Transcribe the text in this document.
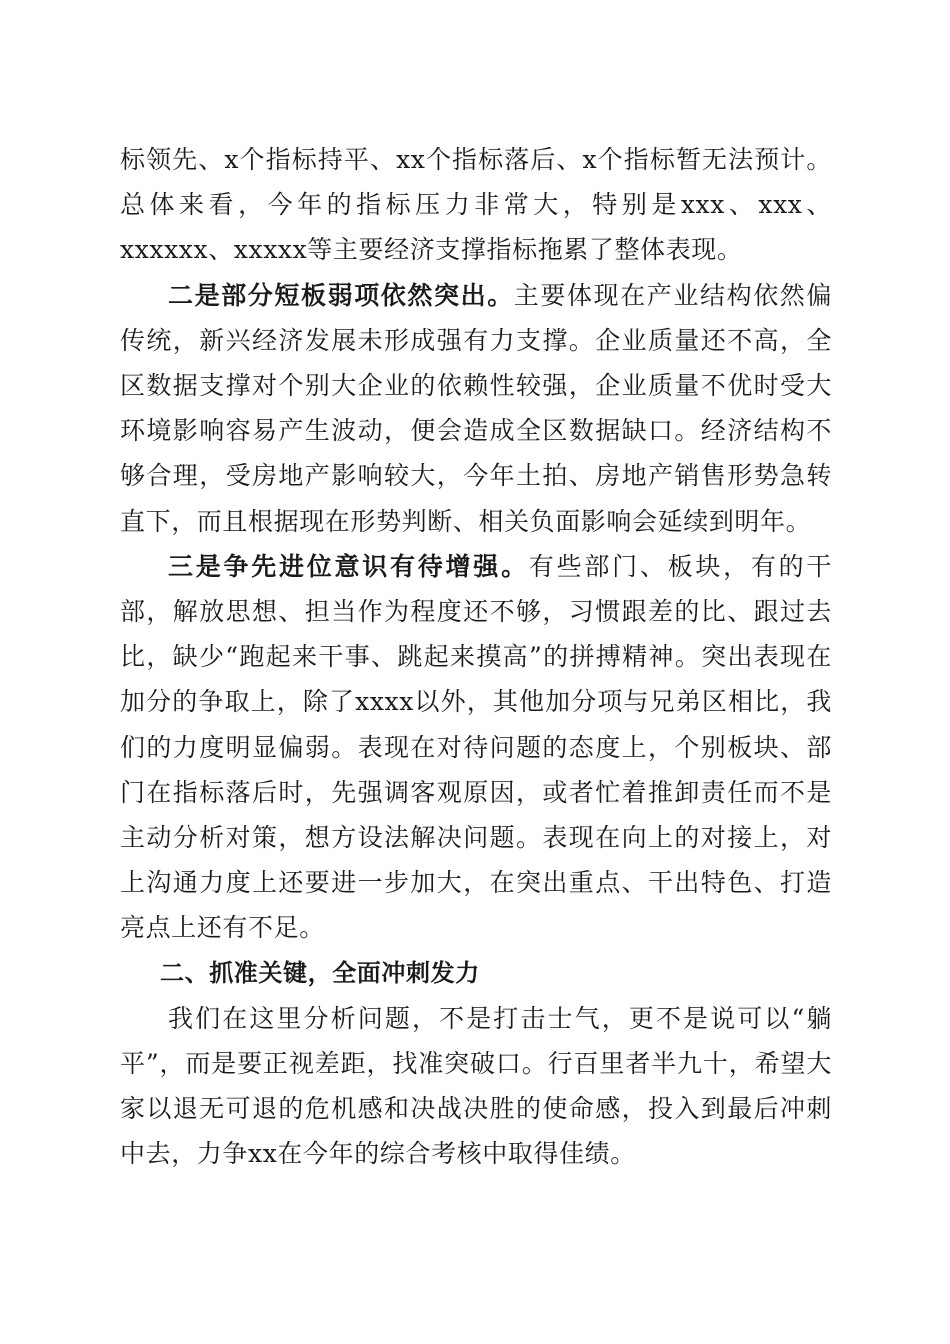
标领先、x个指标持平、xx个指标落后、x个指标暂无法预计。总体来看，今年的指标压力非常大，特别是xxx、xxx、xxxxxx、xxxxx等主要经济支撑指标拖累了整体表现。

二是部分短板弱项依然突出。主要体现在产业结构依然偏传统，新兴经济发展未形成强有力支撑。企业质量还不高，全区数据支撑对个别大企业的依赖性较强，企业质量不优时受大环境影响容易产生波动，便会造成全区数据缺口。经济结构不够合理，受房地产影响较大，今年土拍、房地产销售形势急转直下，而且根据现在形势判断、相关负面影响会延续到明年。

三是争先进位意识有待增强。有些部门、板块，有的干部，解放思想、担当作为程度还不够，习惯跟差的比、跟过去比，缺少“跑起来干事、跳起来摸高”的拼搏精神。突出表现在加分的争取上，除了xxxx以外，其他加分项与兄弟区相比，我们的力度明显偏弱。表现在对待问题的态度上，个别板块、部门在指标落后时，先强调客观原因，或者忙着推卸责任而不是主动分析对策，想方设法解决问题。表现在向上的对接上，对上沟通力度上还要进一步加大，在突出重点、干出特色、打造亮点上还有不足。

二、抓准关键，全面冲刺发力

我们在这里分析问题，不是打击士气，更不是说可以“躺平”，而是要正视差距，找准突破口。行百里者半九十，希望大家以退无可退的危机感和决战决胜的使命感，投入到最后冲刺中去，力争xx在今年的综合考核中取得佳绩。
